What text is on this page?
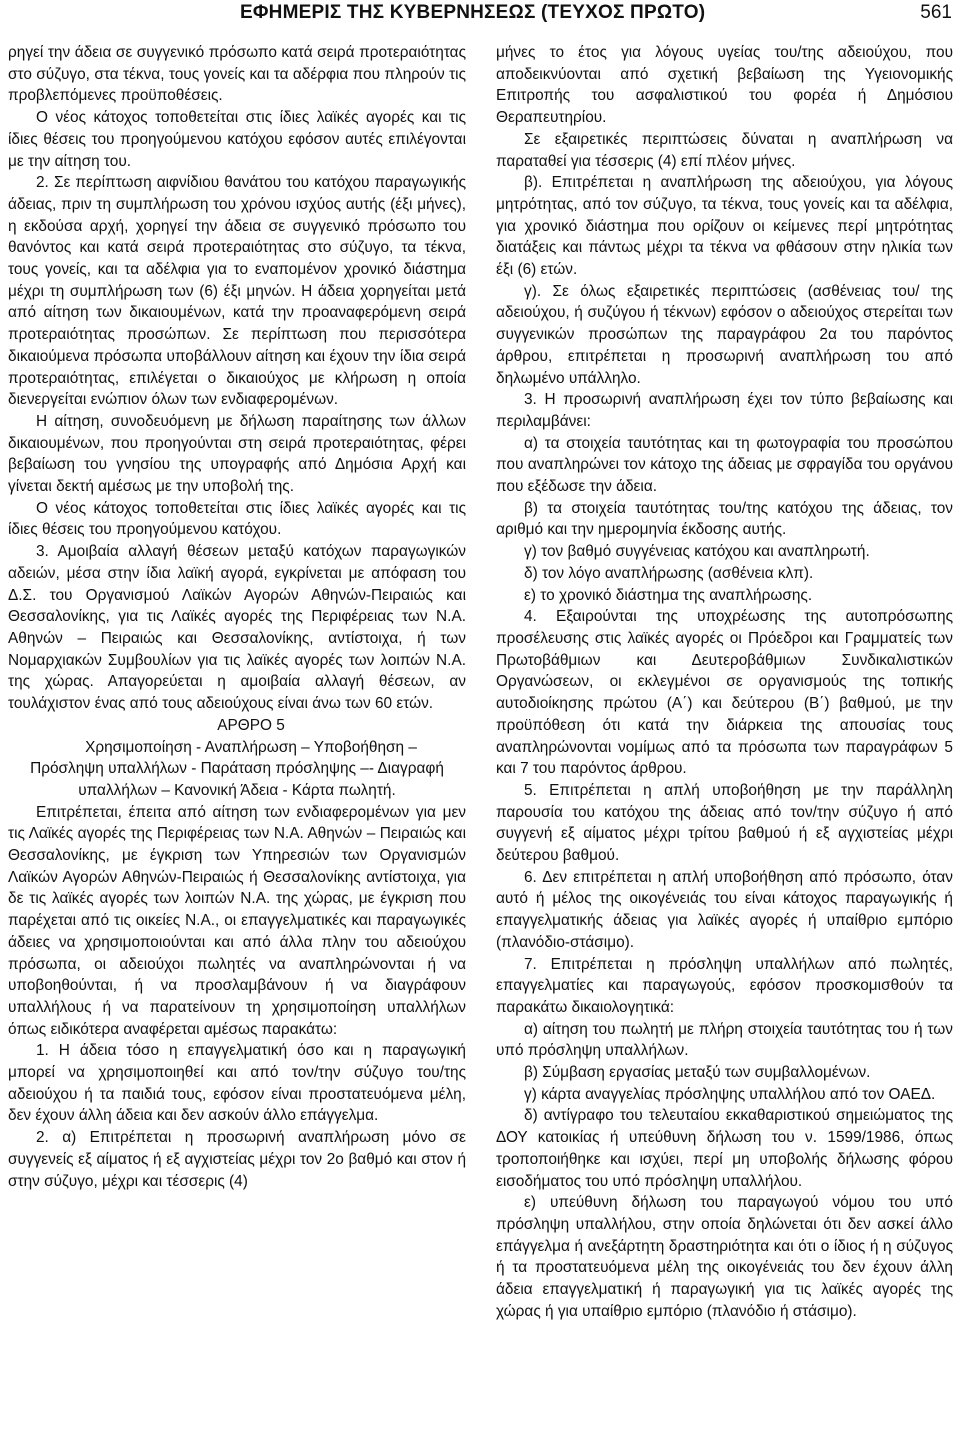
ΕΦΗΜΕΡΙΣ ΤΗΣ ΚΥΒΕΡΝΗΣΕΩΣ (ΤΕΥΧΟΣ ΠΡΩΤΟ)	561

ρηγεί την άδεια σε συγγενικό πρόσωπο κατά σειρά προτεραιότητας στο σύζυγο, στα τέκνα, τους γονείς και τα αδέρφια που πληρούν τις προβλεπόμενες προϋποθέσεις.

Ο νέος κάτοχος τοποθετείται στις ίδιες λαϊκές αγορές και τις ίδιες θέσεις του προηγούμενου κατόχου εφόσον αυτές επιλέγονται με την αίτηση του.

2. Σε περίπτωση αιφνίδιου θανάτου του κατόχου παραγωγικής άδειας, πριν τη συμπλήρωση του χρόνου ισχύος αυτής (έξι μήνες), η εκδούσα αρχή, χορηγεί την άδεια σε συγγενικό πρόσωπο του θανόντος και κατά σειρά προτεραιότητας στο σύζυγο, τα τέκνα, τους γονείς, και τα αδέλφια για το εναπομένον χρονικό διάστημα μέχρι τη συμπλήρωση των (6) έξι μηνών. Η άδεια χορηγείται μετά από αίτηση των δικαιουμένων, κατά την προαναφερόμενη σειρά προτεραιότητας προσώπων. Σε περίπτωση που περισσότερα δικαιούμενα πρόσωπα υποβάλλουν αίτηση και έχουν την ίδια σειρά προτεραιότητας, επιλέγεται ο δικαιούχος με κλήρωση η οποία διενεργείται ενώπιον όλων των ενδιαφερομένων.

Η αίτηση, συνοδευόμενη με δήλωση παραίτησης των άλλων δικαιουμένων, που προηγούνται στη σειρά προτεραιότητας, φέρει βεβαίωση του γνησίου της υπογραφής από Δημόσια Αρχή και γίνεται δεκτή αμέσως με την υποβολή της.

Ο νέος κάτοχος τοποθετείται στις ίδιες λαϊκές αγορές και τις ίδιες θέσεις του προηγούμενου κατόχου.

3. Αμοιβαία αλλαγή θέσεων μεταξύ κατόχων παραγωγικών αδειών, μέσα στην ίδια λαϊκή αγορά, εγκρίνεται με απόφαση του Δ.Σ. του Οργανισμού Λαϊκών Αγορών Αθηνών-Πειραιώς και Θεσσαλονίκης, για τις Λαϊκές αγορές της Περιφέρειας των Ν.Α. Αθηνών – Πειραιώς και Θεσσαλονίκης, αντίστοιχα, ή των Νομαρχιακών Συμβουλίων για τις λαϊκές αγορές των λοιπών Ν.Α. της χώρας. Απαγορεύεται η αμοιβαία αλλαγή θέσεων, αν τουλάχιστον ένας από τους αδειούχους είναι άνω των 60 ετών.

ΑΡΘΡΟ 5

Χρησιμοποίηση - Αναπλήρωση – Υποβοήθηση –Πρόσληψη υπαλλήλων - Παράταση πρόσληψης –- Διαγραφή υπαλλήλων – Κανονική Άδεια - Κάρτα πωλητή.

Επιτρέπεται, έπειτα από αίτηση των ενδιαφερομένων για μεν τις Λαϊκές αγορές της Περιφέρειας των Ν.Α. Αθηνών – Πειραιώς και Θεσσαλονίκης, με έγκριση των Υπηρεσιών των Οργανισμών Λαϊκών Αγορών Αθηνών-Πειραιώς ή Θεσσαλονίκης αντίστοιχα, για δε τις λαϊκές αγορές των λοιπών Ν.Α. της χώρας, με έγκριση που παρέχεται από τις οικείες Ν.Α., οι επαγγελματικές και παραγωγικές άδειες να χρησιμοποιούνται και από άλλα πλην του αδειούχου πρόσωπα, οι αδειούχοι πωλητές να αναπληρώνονται ή να υποβοηθούνται, ή να προσλαμβάνουν ή να διαγράφουν υπαλλήλους ή να παρατείνουν τη χρησιμοποίηση υπαλλήλων όπως ειδικότερα αναφέρεται αμέσως παρακάτω:

1. Η άδεια τόσο η επαγγελματική όσο και η παραγωγική μπορεί να χρησιμοποιηθεί και από τον/την σύζυγο του/της αδειούχου ή τα παιδιά τους, εφόσον είναι προστατευόμενα μέλη, δεν έχουν άλλη άδεια και δεν ασκούν άλλο επάγγελμα.

2. α) Επιτρέπεται η προσωρινή αναπλήρωση μόνο σε συγγενείς εξ αίματος ή εξ αγχιστείας μέχρι τον 2ο βαθμό και στον ή στην σύζυγο, μέχρι και τέσσερις (4)

μήνες το έτος για λόγους υγείας του/της αδειούχου, που αποδεικνύονται από σχετική βεβαίωση της Υγειονομικής Επιτροπής του ασφαλιστικού του φορέα ή Δημόσιου Θεραπευτηρίου.

Σε εξαιρετικές περιπτώσεις δύναται η αναπλήρωση να παραταθεί για τέσσερις (4) επί πλέον μήνες.

β). Επιτρέπεται η αναπλήρωση της αδειούχου, για λόγους μητρότητας, από τον σύζυγο, τα τέκνα, τους γονείς και τα αδέλφια, για χρονικό διάστημα που ορίζουν οι κείμενες περί μητρότητας διατάξεις και πάντως μέχρι τα τέκνα να φθάσουν στην ηλικία των έξι (6) ετών.

γ). Σε όλως εξαιρετικές περιπτώσεις (ασθένειας του/ της αδειούχου, ή συζύγου ή τέκνων) εφόσον ο αδειούχος στερείται των συγγενικών προσώπων της παραγράφου 2α του παρόντος άρθρου, επιτρέπεται η προσωρινή αναπλήρωση του από δηλωμένο υπάλληλο.

3. Η προσωρινή αναπλήρωση έχει τον τύπο βεβαίωσης και περιλαμβάνει:

α) τα στοιχεία ταυτότητας και τη φωτογραφία του προσώπου που αναπληρώνει τον κάτοχο της άδειας με σφραγίδα του οργάνου που εξέδωσε την άδεια.

β) τα στοιχεία ταυτότητας του/της κατόχου της άδειας, τον αριθμό και την ημερομηνία έκδοσης αυτής.

γ) τον βαθμό συγγένειας κατόχου και αναπληρωτή.

δ) τον λόγο αναπλήρωσης (ασθένεια κλπ).

ε) το χρονικό διάστημα της αναπλήρωσης.

4. Εξαιρούνται της υποχρέωσης της αυτοπρόσωπης προσέλευσης στις λαϊκές αγορές οι Πρόεδροι και Γραμματείς των Πρωτοβάθμιων και Δευτεροβάθμιων Συνδικαλιστικών Οργανώσεων, οι εκλεγμένοι σε οργανισμούς της τοπικής αυτοδιοίκησης πρώτου (Α΄) και δεύτερου (Β΄) βαθμού, με την προϋπόθεση ότι κατά την διάρκεια της απουσίας τους αναπληρώνονται νομίμως από τα πρόσωπα των παραγράφων 5 και 7 του παρόντος άρθρου.

5. Επιτρέπεται η απλή υποβοήθηση με την παράλληλη παρουσία του κατόχου της άδειας από τον/την σύζυγο ή από συγγενή εξ αίματος μέχρι τρίτου βαθμού ή εξ αγχιστείας μέχρι δεύτερου βαθμού.

6. Δεν επιτρέπεται η απλή υποβοήθηση από πρόσωπο, όταν αυτό ή μέλος της οικογένειάς του είναι κάτοχος παραγωγικής ή επαγγελματικής άδειας για λαϊκές αγορές ή υπαίθριο εμπόριο (πλανόδιο-στάσιμο).

7. Επιτρέπεται η πρόσληψη υπαλλήλων από πωλητές, επαγγελματίες και παραγωγούς, εφόσον προσκομισθούν τα παρακάτω δικαιολογητικά:

α) αίτηση του πωλητή με πλήρη στοιχεία ταυτότητας του ή των υπό πρόσληψη υπαλλήλων.

β) Σύμβαση εργασίας μεταξύ των συμβαλλομένων.

γ) κάρτα αναγγελίας πρόσληψης υπαλλήλου από τον ΟΑΕΔ.

δ) αντίγραφο του τελευταίου εκκαθαριστικού σημειώματος της ΔΟΥ κατοικίας ή υπεύθυνη δήλωση του ν. 1599/1986, όπως τροποποιήθηκε και ισχύει, περί μη υποβολής δήλωσης φόρου εισοδήματος του υπό πρόσληψη υπαλλήλου.

ε) υπεύθυνη δήλωση του παραγωγού νόμου του υπό πρόσληψη υπαλλήλου, στην οποία δηλώνεται ότι δεν ασκεί άλλο επάγγελμα ή ανεξάρτητη δραστηριότητα και ότι ο ίδιος ή η σύζυγος ή τα προστατευόμενα μέλη της οικογένειάς του δεν έχουν άλλη άδεια επαγγελματική ή παραγωγική για τις λαϊκές αγορές της χώρας ή για υπαίθριο εμπόριο (πλανόδιο ή στάσιμο).
